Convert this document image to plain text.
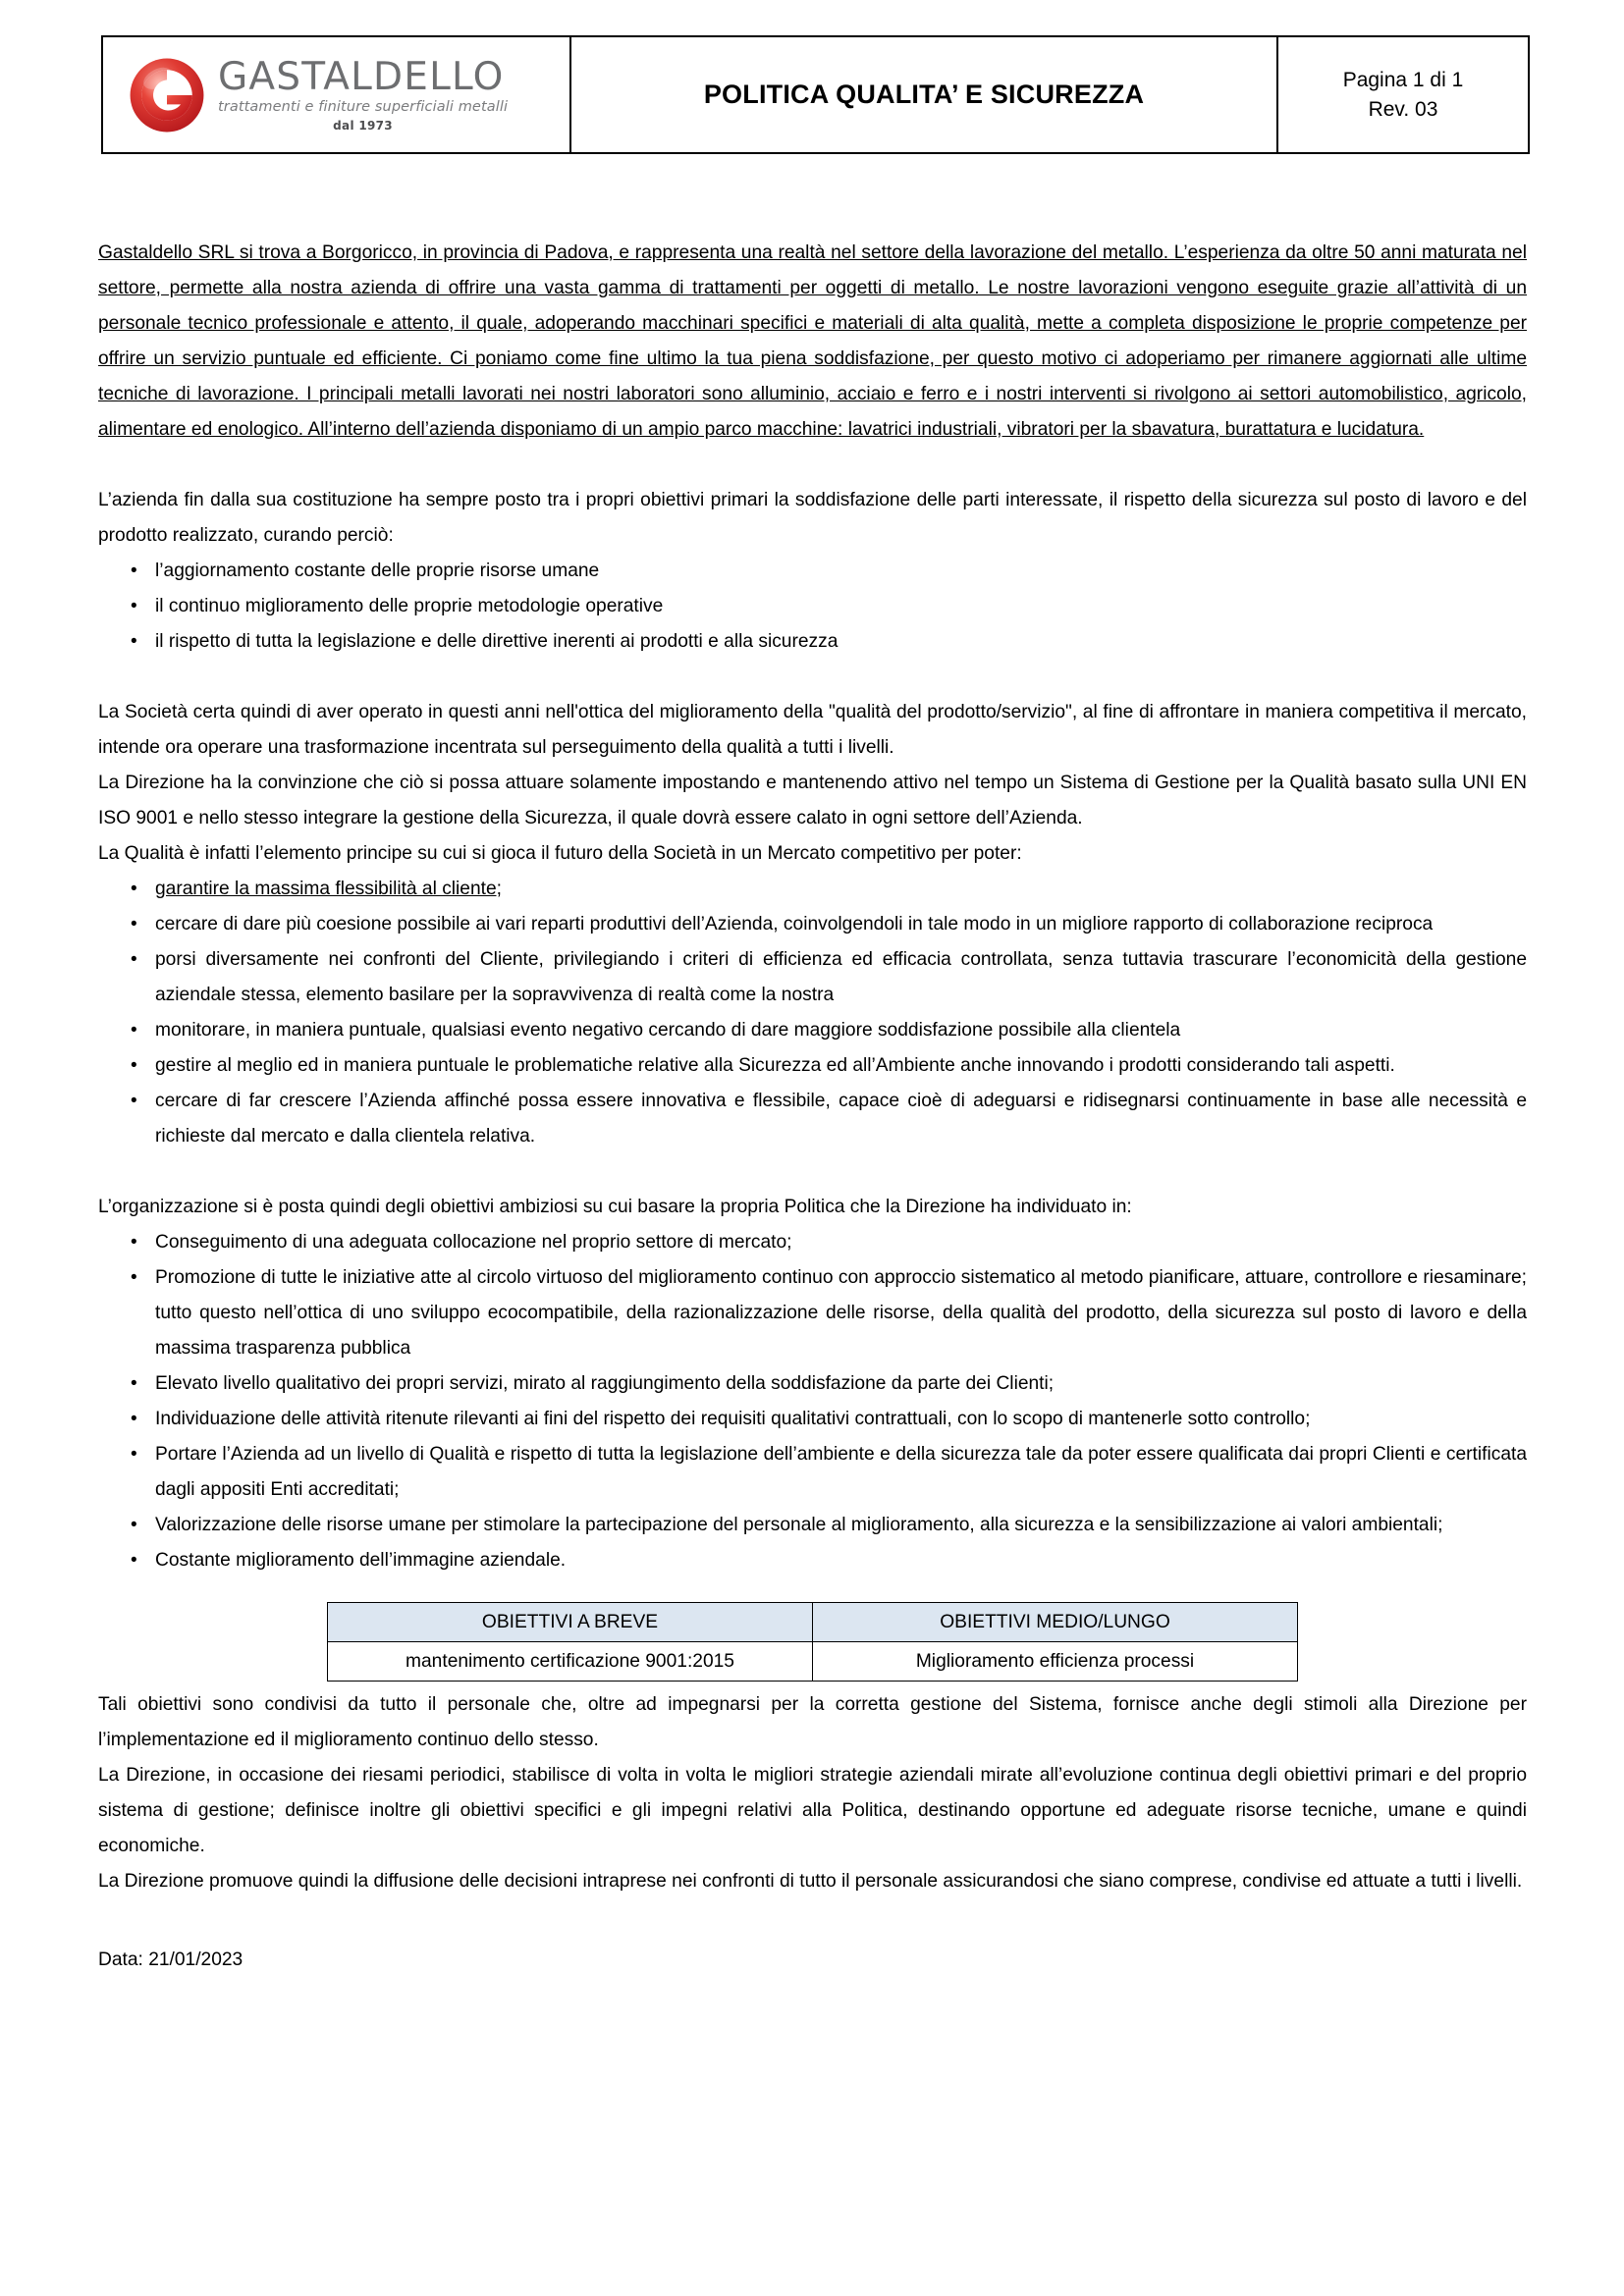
GASTALDELLO
trattamenti e finiture superficiali metalli
dal 1973

POLITICA QUALITA’ E SICUREZZA	Pagina 1 di 1
Rev. 03

Gastaldello SRL si trova a Borgoricco, in provincia di Padova, e rappresenta una realtà nel settore della lavorazione del metallo. L’esperienza da oltre 50 anni maturata nel settore, permette alla nostra azienda di offrire una vasta gamma di trattamenti per oggetti di metallo. Le nostre lavorazioni vengono eseguite grazie all’attività di un personale tecnico professionale e attento, il quale, adoperando macchinari specifici e materiali di alta qualità, mette a completa disposizione le proprie competenze per offrire un servizio puntuale ed efficiente. Ci poniamo come fine ultimo la tua piena soddisfazione, per questo motivo ci adoperiamo per rimanere aggiornati alle ultime tecniche di lavorazione. I principali metalli lavorati nei nostri laboratori sono alluminio, acciaio e ferro e i nostri interventi si rivolgono ai settori automobilistico, agricolo, alimentare ed enologico. All’interno dell’azienda disponiamo di un ampio parco macchine: lavatrici industriali, vibratori per la sbavatura, burattatura e lucidatura.

L’azienda fin dalla sua costituzione ha sempre posto tra i propri obiettivi primari la soddisfazione delle parti interessate, il rispetto della sicurezza sul posto di lavoro e del prodotto realizzato, curando perciò:

• l’aggiornamento costante delle proprie risorse umane
• il continuo miglioramento delle proprie metodologie operative
• il rispetto di tutta la legislazione e delle direttive inerenti ai prodotti e alla sicurezza

La Società certa quindi di aver operato in questi anni nell'ottica del miglioramento della "qualità del prodotto/servizio", al fine di affrontare in maniera competitiva il mercato, intende ora operare una trasformazione incentrata sul perseguimento della qualità a tutti i livelli.

La Direzione ha la convinzione che ciò si possa attuare solamente impostando e mantenendo attivo nel tempo un Sistema di Gestione per la Qualità basato sulla UNI EN ISO 9001 e nello stesso integrare la gestione della Sicurezza, il quale dovrà essere calato in ogni settore dell’Azienda.

La Qualità è infatti l’elemento principe su cui si gioca il futuro della Società in un Mercato competitivo per poter:

• garantire la massima flessibilità al cliente;
• cercare di dare più coesione possibile ai vari reparti produttivi dell’Azienda, coinvolgendoli in tale modo in un migliore rapporto di collaborazione reciproca
• porsi diversamente nei confronti del Cliente, privilegiando i criteri di efficienza ed efficacia controllata, senza tuttavia trascurare l’economicità della gestione aziendale stessa, elemento basilare per la sopravvivenza di realtà come la nostra
• monitorare, in maniera puntuale, qualsiasi evento negativo cercando di dare maggiore soddisfazione possibile alla clientela
• gestire al meglio ed in maniera puntuale le problematiche relative alla Sicurezza ed all’Ambiente anche innovando i prodotti considerando tali aspetti.
• cercare di far crescere l’Azienda affinché possa essere innovativa e flessibile, capace cioè di adeguarsi e ridisegnarsi continuamente in base alle necessità e richieste dal mercato e dalla clientela relativa.

L’organizzazione si è posta quindi degli obiettivi ambiziosi su cui basare la propria Politica che la Direzione ha individuato in:

• Conseguimento di una adeguata collocazione nel proprio settore di mercato;
• Promozione di tutte le iniziative atte al circolo virtuoso del miglioramento continuo con approccio sistematico al metodo pianificare, attuare, controllore e riesaminare; tutto questo nell’ottica di uno sviluppo ecocompatibile, della razionalizzazione delle risorse, della qualità del prodotto, della sicurezza sul posto di lavoro e della massima trasparenza pubblica
• Elevato livello qualitativo dei propri servizi, mirato al raggiungimento della soddisfazione da parte dei Clienti;
• Individuazione delle attività ritenute rilevanti ai fini del rispetto dei requisiti qualitativi contrattuali, con lo scopo di mantenerle sotto controllo;
• Portare l’Azienda ad un livello di Qualità e rispetto di tutta la legislazione dell’ambiente e della sicurezza tale da poter essere qualificata dai propri Clienti e certificata dagli appositi Enti accreditati;
• Valorizzazione delle risorse umane per stimolare la partecipazione del personale al miglioramento, alla sicurezza e la sensibilizzazione ai valori ambientali;
• Costante miglioramento dell’immagine aziendale.
OBIETTIVI A BREVE	OBIETTIVI MEDIO/LUNGO
mantenimento certificazione 9001:2015	Miglioramento efficienza processi

Tali obiettivi sono condivisi da tutto il personale che, oltre ad impegnarsi per la corretta gestione del Sistema, fornisce anche degli stimoli alla Direzione per l’implementazione ed il miglioramento continuo dello stesso.

La Direzione, in occasione dei riesami periodici, stabilisce di volta in volta le migliori strategie aziendali mirate all’evoluzione continua degli obiettivi primari e del proprio sistema di gestione; definisce inoltre gli obiettivi specifici e gli impegni relativi alla Politica, destinando opportune ed adeguate risorse tecniche, umane e quindi economiche.

La Direzione promuove quindi la diffusione delle decisioni intraprese nei confronti di tutto il personale assicurandosi che siano comprese, condivise ed attuate a tutti i livelli.

Data: 21/01/2023
